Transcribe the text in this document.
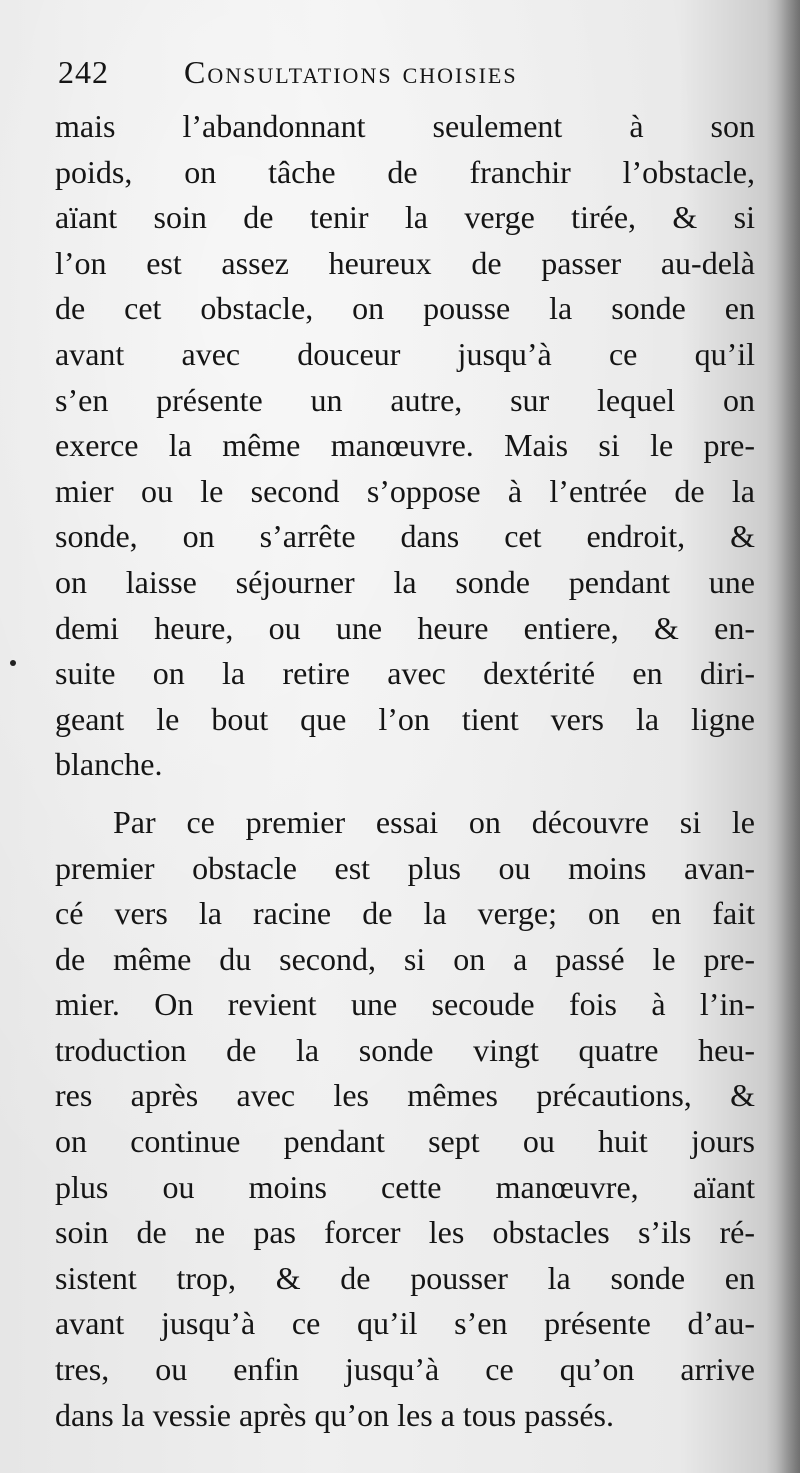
242 Consultations choisies
mais l’abandonnant seulement à son
poids, on tâche de franchir l’obstacle,
aïant soin de tenir la verge tirée, & si
l’on est assez heureux de passer au-delà
de cet obstacle, on pousse la sonde en
avant avec douceur jusqu’à ce qu’il
s’en présente un autre, sur lequel on
exerce la même manœuvre. Mais si le pre-
mier ou le second s’oppose à l’entrée de la
sonde, on s’arrête dans cet endroit, &
on laisse séjourner la sonde pendant une
demi heure, ou une heure entiere, & en-
suite on la retire avec dextérité en diri-
geant le bout que l’on tient vers la ligne
blanche.
Par ce premier essai on découvre si le
premier obstacle est plus ou moins avan-
cé vers la racine de la verge; on en fait
de même du second, si on a passé le pre-
mier. On revient une secoude fois à l’in-
troduction de la sonde vingt quatre heu-
res après avec les mêmes précautions, &
on continue pendant sept ou huit jours
plus ou moins cette manœuvre, aïant
soin de ne pas forcer les obstacles s’ils ré-
sistent trop, & de pousser la sonde en
avant jusqu’à ce qu’il s’en présente d’au-
tres, ou enfin jusqu’à ce qu’on arrive
dans la vessie après qu’on les a tous passés.
